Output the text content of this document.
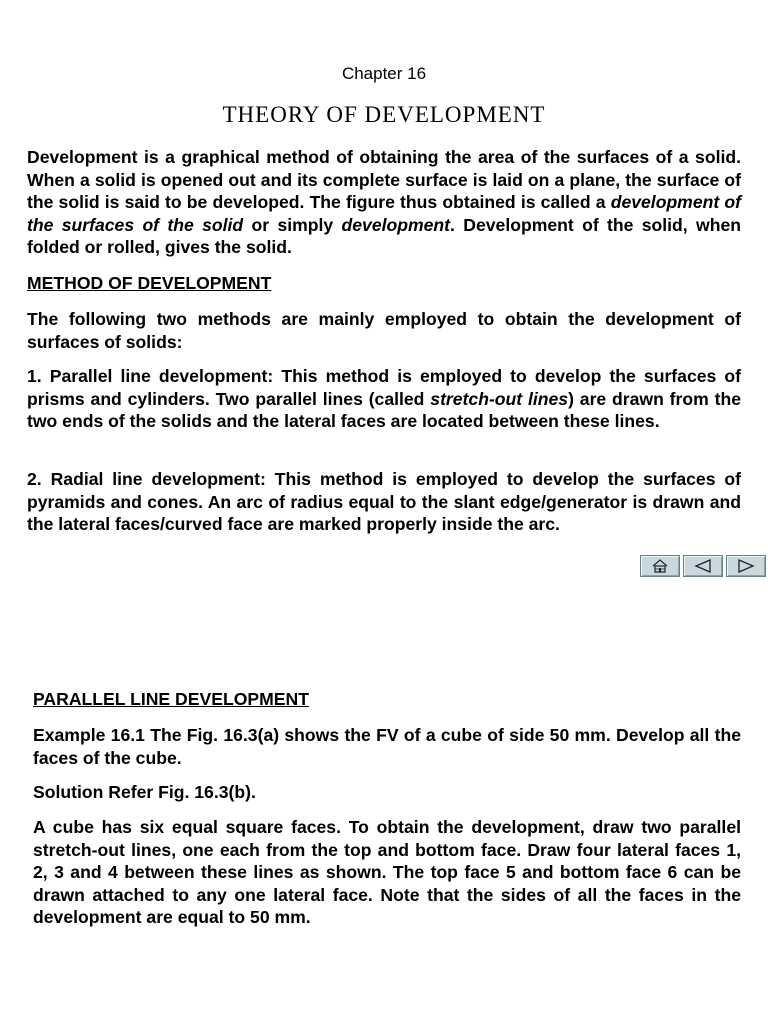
Chapter 16
THEORY OF DEVELOPMENT

Development is a graphical method of obtaining the area of the surfaces of a solid. When a solid is opened out and its complete surface is laid on a plane, the surface of the solid is said to be developed. The figure thus obtained is called a development of the surfaces of the solid or simply development. Development of the solid, when folded or rolled, gives the solid.

METHOD OF DEVELOPMENT

The following two methods are mainly employed to obtain the development of surfaces of solids:

1. Parallel line development: This method is employed to develop the surfaces of prisms and cylinders. Two parallel lines (called stretch-out lines) are drawn from the two ends of the solids and the lateral faces are located between these lines.

2. Radial line development: This method is employed to develop the surfaces of pyramids and cones. An arc of radius equal to the slant edge/generator is drawn and the lateral faces/curved face are marked properly inside the arc.

PARALLEL LINE DEVELOPMENT

Example 16.1 The Fig. 16.3(a) shows the FV of a cube of side 50 mm. Develop all the faces of the cube.

Solution Refer Fig. 16.3(b).

A cube has six equal square faces. To obtain the development, draw two parallel stretch-out lines, one each from the top and bottom face. Draw four lateral faces 1, 2, 3 and 4 between these lines as shown. The top face 5 and bottom face 6 can be drawn attached to any one lateral face. Note that the sides of all the faces in the development are equal to 50 mm.
